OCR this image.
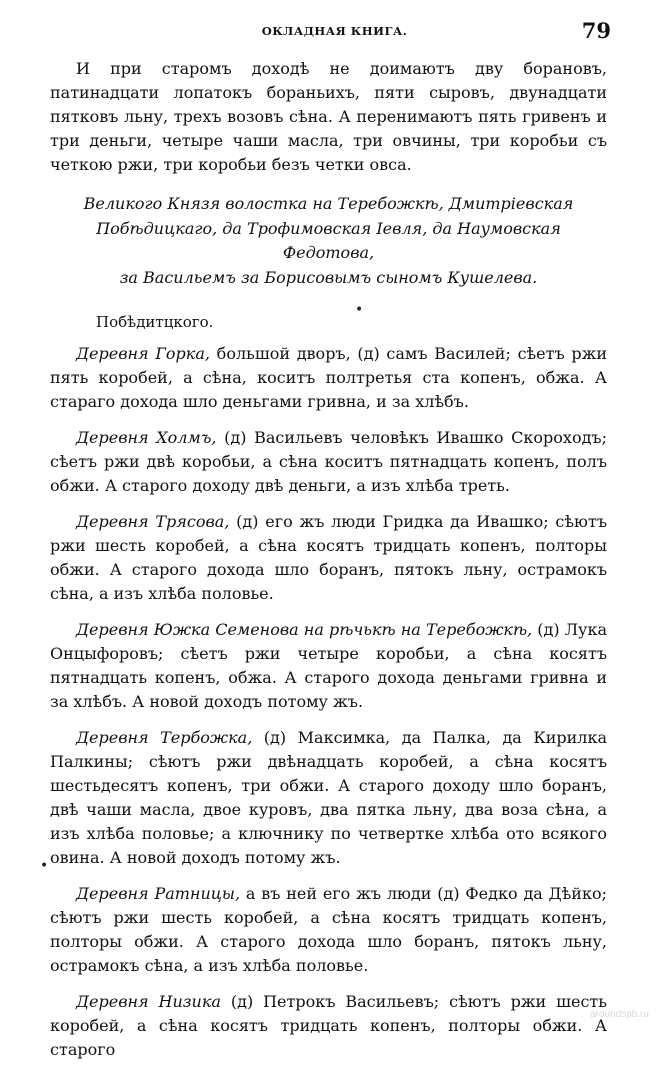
ОКЛАДНАЯ КНИГА.	79

И при старомъ доходѣ не доимаютъ дву борановъ, патинадцати лопатокъ бораньихъ, пяти сыровъ, двунадцати пятковъ льну, трехъ возовъ сѣна. А перенимаютъ пять гривенъ и три деньги, четыре чаши масла, три овчины, три коробьи съ четкою ржи, три коробьи безъ четки овса.

Великого Князя волостка на Теребожкѣ, Дмитріевская Побѣдицкаго, да Трофимовская Іевля, да Наумовская Федотова,
за Васильемъ за Борисовымъ сыномъ Кушелева.
Побѣдитцкого.

Деревня Горка, большой дворъ, (д) самъ Василей; сѣетъ ржи пять коробей, а сѣна, коситъ полтретья ста копенъ, обжа. А стараго дохода шло деньгами гривна, и за хлѣбъ.

Деревня Холмъ, (д) Васильевъ человѣкъ Ивашко Скороходъ; сѣетъ ржи двѣ коробьи, а сѣна коситъ пятнадцать копенъ, полъ обжи. А старого доходу двѣ деньги, а изъ хлѣба треть.

Деревня Трясова, (д) его жъ люди Гридка да Ивашко; сѣютъ ржи шесть коробей, а сѣна косятъ тридцать копенъ, полторы обжи. А старого дохода шло боранъ, пятокъ льну, острамокъ сѣна, а изъ хлѣба половье.

Деревня Южка Семенова на рѣчькѣ на Теребожкѣ, (д) Лука Онцыфоровъ; сѣетъ ржи четыре коробьи, а сѣна косятъ пятнадцать копенъ, обжа. А старого дохода деньгами гривна и за хлѣбъ. А новой доходъ потому жъ.

Деревня Тербожка, (д) Максимка, да Палка, да Кирилка Палкины; сѣютъ ржи двѣнадцать коробей, а сѣна косятъ шестьдесятъ копенъ, три обжи. А старого доходу шло боранъ, двѣ чаши масла, двое куровъ, два пятка льну, два воза сѣна, а изъ хлѣба половье; а ключнику по четвертке хлѣба ото всякого овина. А новой доходъ потому жъ.

Деревня Ратницы, а въ ней его жъ люди (д) Федко да Дѣйко; сѣютъ ржи шесть коробей, а сѣна косятъ тридцать копенъ, полторы обжи. А старого дохода шло боранъ, пятокъ льну, острамокъ сѣна, а изъ хлѣба половье.

Деревня Низика (д) Петрокъ Васильевъ; сѣютъ ржи шесть коробей, а сѣна косятъ тридцать копенъ, полторы обжи. А старого

•
•
aroundspb.ru
